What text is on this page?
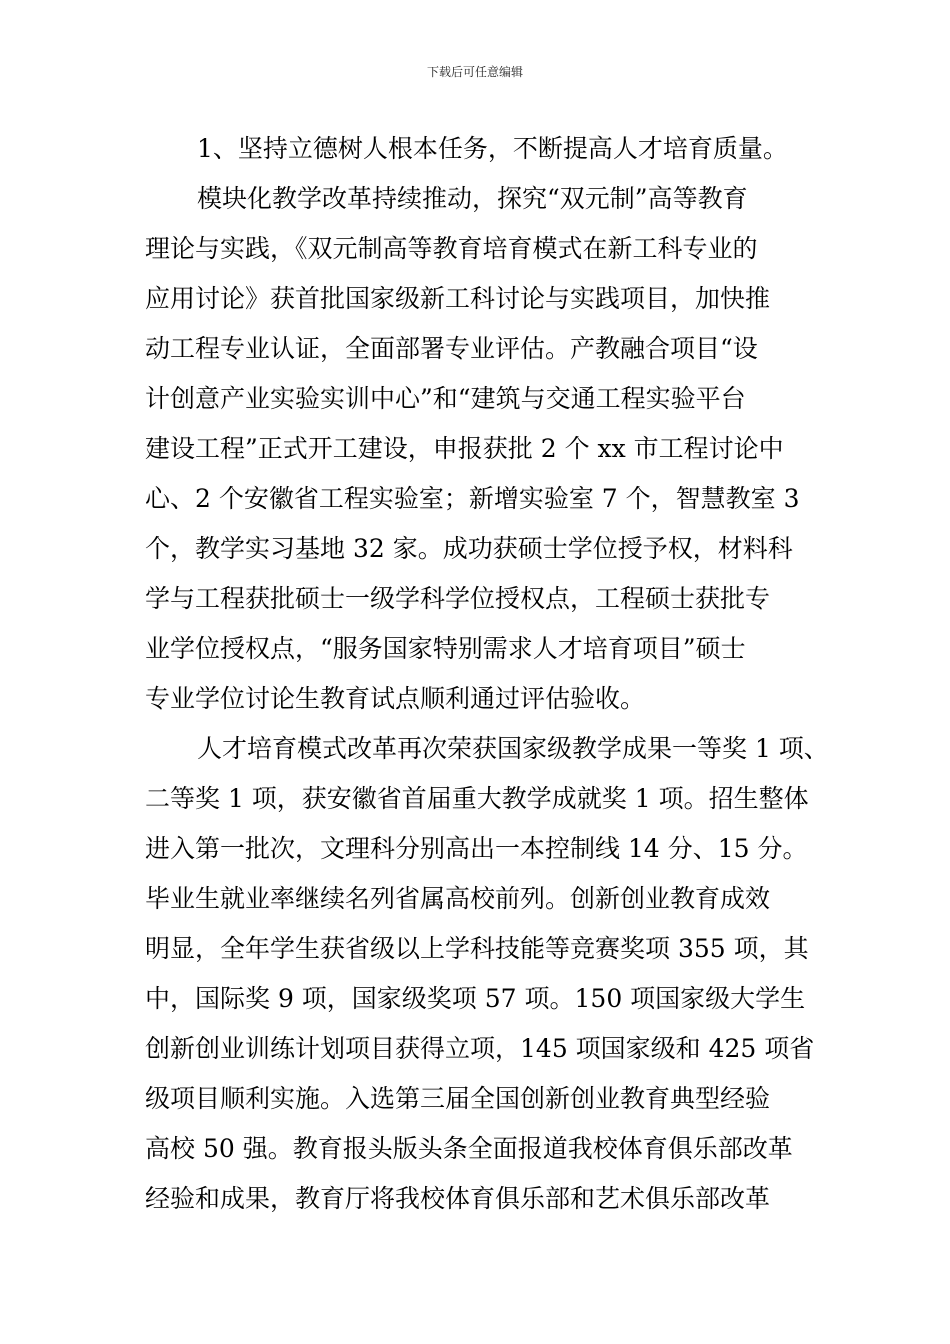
下载后可任意编辑
1、坚持立德树人根本任务，不断提高人才培育质量。
模块化教学改革持续推动，探究“双元制”高等教育
理论与实践，《双元制高等教育培育模式在新工科专业的
应用讨论》获首批国家级新工科讨论与实践项目，加快推
动工程专业认证，全面部署专业评估。产教融合项目“设
计创意产业实验实训中心”和“建筑与交通工程实验平台
建设工程”正式开工建设，申报获批 2 个 xx 市工程讨论中
心、2 个安徽省工程实验室；新增实验室 7 个，智慧教室 3
个，教学实习基地 32 家。成功获硕士学位授予权，材料科
学与工程获批硕士一级学科学位授权点，工程硕士获批专
业学位授权点，“服务国家特别需求人才培育项目”硕士
专业学位讨论生教育试点顺利通过评估验收。
人才培育模式改革再次荣获国家级教学成果一等奖 1 项、
二等奖 1 项，获安徽省首届重大教学成就奖 1 项。招生整体
进入第一批次，文理科分别高出一本控制线 14 分、15 分。
毕业生就业率继续名列省属高校前列。创新创业教育成效
明显，全年学生获省级以上学科技能等竞赛奖项 355 项，其
中，国际奖 9 项，国家级奖项 57 项。150 项国家级大学生
创新创业训练计划项目获得立项，145 项国家级和 425 项省
级项目顺利实施。入选第三届全国创新创业教育典型经验
高校 50 强。教育报头版头条全面报道我校体育俱乐部改革
经验和成果，教育厅将我校体育俱乐部和艺术俱乐部改革
